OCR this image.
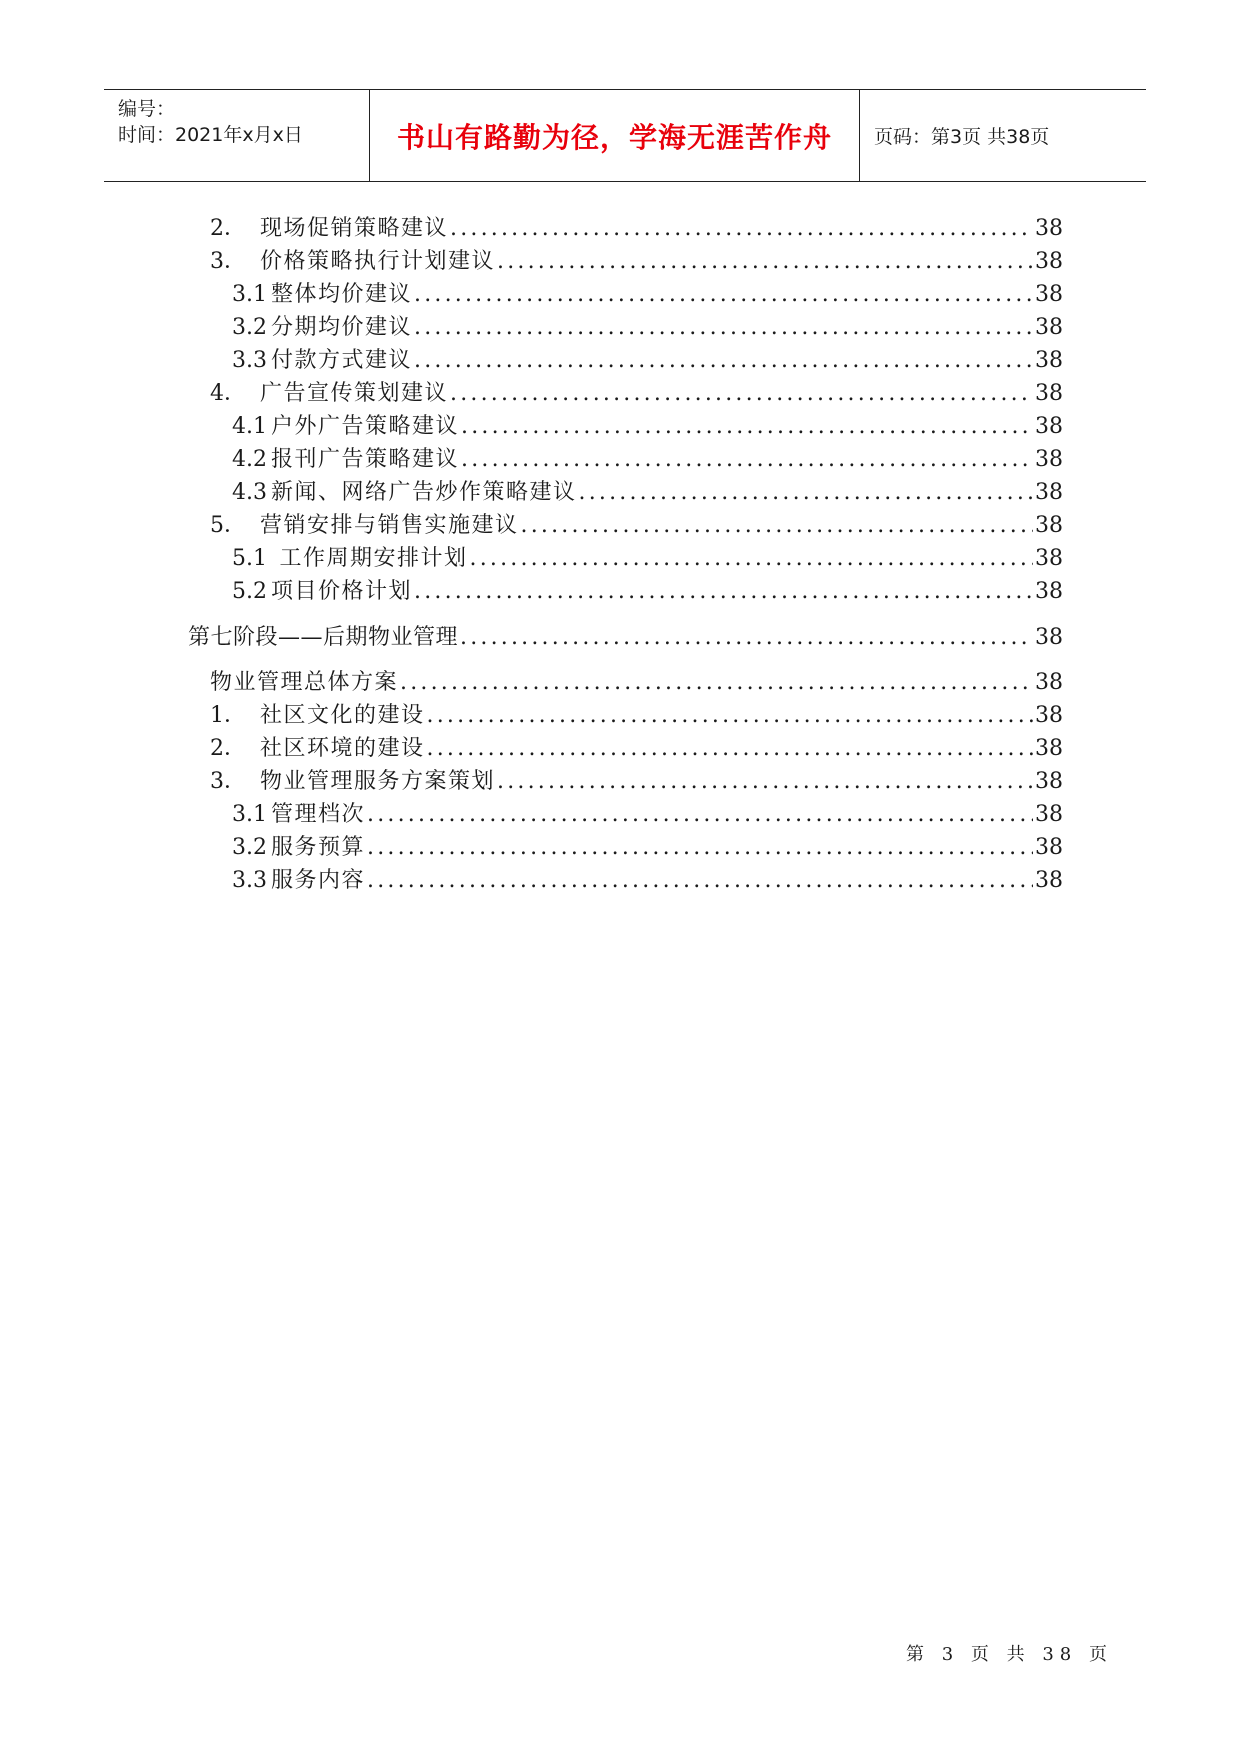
编号：
时间：2021年x月x日	书山有路勤为径，学海无涯苦作舟	页码：第3页 共38页
2． 现场促销策略建议 .....	38
3． 价格策略执行计划建议 .....	38
3.1 整体均价建议 .....	38
3.2 分期均价建议 .....	38
3.3 付款方式建议 .....	38
4． 广告宣传策划建议 .....	38
4.1 户外广告策略建议 .....	38
4.2 报刊广告策略建议 .....	38
4.3 新闻、网络广告炒作策略建议 .....	38
5． 营销安排与销售实施建议 .....	38
5.1 工作周期安排计划 .....	38
5.2 项目价格计划 .....	38
第七阶段——后期物业管理 .....	38
物业管理总体方案 .....	38
1． 社区文化的建设 .....	38
2． 社区环境的建设 .....	38
3． 物业管理服务方案策划 .....	38
3.1 管理档次 .....	38
3.2 服务预算 .....	38
3.3 服务内容 .....	38
第 3 页 共 38 页
